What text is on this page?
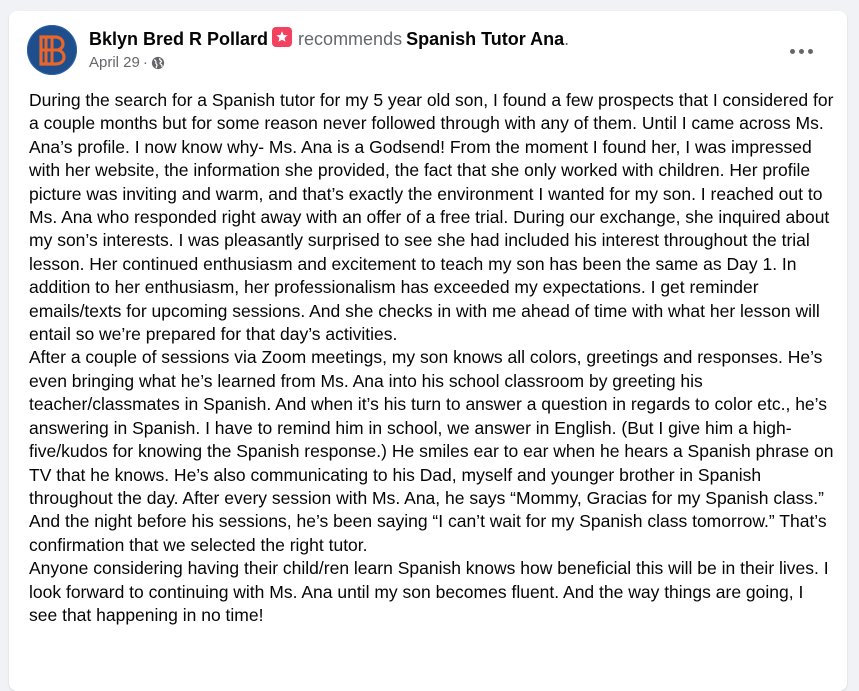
Bklyn Bred R Pollard recommends Spanish Tutor Ana.
April 29 ·

During the search for a Spanish tutor for my 5 year old son, I found a few prospects that I considered for a couple months but for some reason never followed through with any of them. Until I came across Ms. Ana’s profile. I now know why- Ms. Ana is a Godsend! From the moment I found her, I was impressed with her website, the information she provided, the fact that she only worked with children. Her profile picture was inviting and warm, and that’s exactly the environment I wanted for my son. I reached out to Ms. Ana who responded right away with an offer of a free trial. During our exchange, she inquired about my son’s interests. I was pleasantly surprised to see she had included his interest throughout the trial lesson. Her continued enthusiasm and excitement to teach my son has been the same as Day 1. In addition to her enthusiasm, her professionalism has exceeded my expectations. I get reminder emails/texts for upcoming sessions. And she checks in with me ahead of time with what her lesson will entail so we’re prepared for that day’s activities.

After a couple of sessions via Zoom meetings, my son knows all colors, greetings and responses. He’s even bringing what he’s learned from Ms. Ana into his school classroom by greeting his teacher/classmates in Spanish. And when it’s his turn to answer a question in regards to color etc., he’s answering in Spanish. I have to remind him in school, we answer in English. (But I give him a high-five/kudos for knowing the Spanish response.) He smiles ear to ear when he hears a Spanish phrase on TV that he knows. He’s also communicating to his Dad, myself and younger brother in Spanish throughout the day. After every session with Ms. Ana, he says “Mommy, Gracias for my Spanish class.” And the night before his sessions, he’s been saying “I can’t wait for my Spanish class tomorrow.” That’s confirmation that we selected the right tutor.

Anyone considering having their child/ren learn Spanish knows how beneficial this will be in their lives. I look forward to continuing with Ms. Ana until my son becomes fluent. And the way things are going, I see that happening in no time!
